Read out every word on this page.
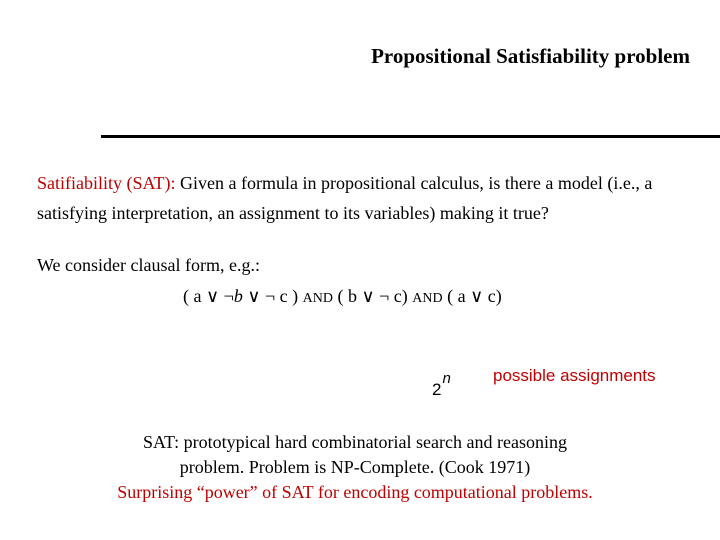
Propositional Satisfiability problem
Satifiability (SAT): Given a formula in propositional calculus, is there a model (i.e., a satisfying interpretation, an assignment to its variables) making it true?
We consider clausal form, e.g.:
( a ∨ ¬b ∨ ¬ c ) AND ( b ∨ ¬ c) AND ( a ∨ c)
2n possible assignments
SAT: prototypical hard combinatorial search and reasoning
problem. Problem is NP-Complete. (Cook 1971)
Surprising “power” of SAT for encoding computational problems.
